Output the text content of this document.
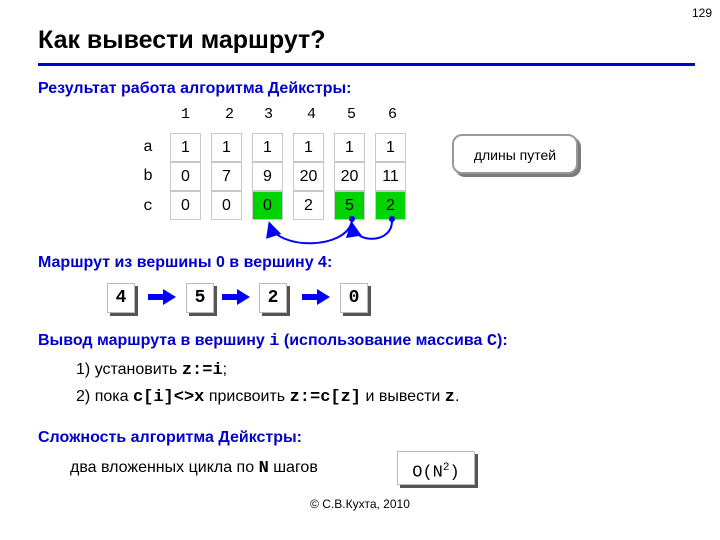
129
Как вывести маршрут?
Результат работа алгоритма Дейкстры:
1	2	3	4	5	6
a	1	1	1	1	1	1
b	0	7	9	20	20	11
c	0	0	0	2	5	2
длины путей
Маршрут из вершины 0 в вершину 4:
4	5	2	0
Вывод маршрута в вершину i (использование массива C):
1) установить z:=i;
2) пока c[i]<>x присвоить z:=c[z] и вывести z.
Сложность алгоритма Дейкстры:
два вложенных цикла по N шагов	$O(N^2)$
© С.В.Кухта, 2010
